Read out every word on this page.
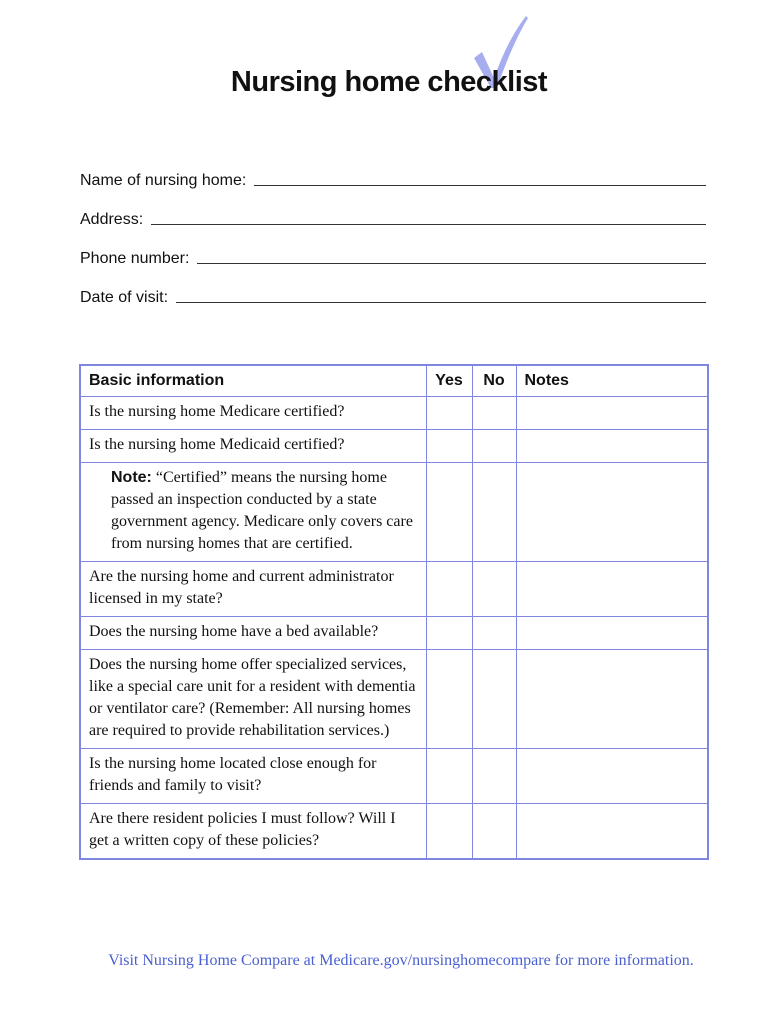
Nursing home checklist
Name of nursing home:
Address:
Phone number:
Date of visit:
Basic information	Yes	No	Notes
Is the nursing home Medicare certified?			
Is the nursing home Medicaid certified?			
Note: “Certified” means the nursing home passed an inspection conducted by a state government agency. Medicare only covers care from nursing homes that are certified.			
Are the nursing home and current administrator licensed in my state?			
Does the nursing home have a bed available?			
Does the nursing home offer specialized services, like a special care unit for a resident with dementia or ventilator care? (Remember: All nursing homes are required to provide rehabilitation services.)			
Is the nursing home located close enough for friends and family to visit?			
Are there resident policies I must follow? Will I get a written copy of these policies?			
Visit Nursing Home Compare at Medicare.gov/nursinghomecompare for more information.
